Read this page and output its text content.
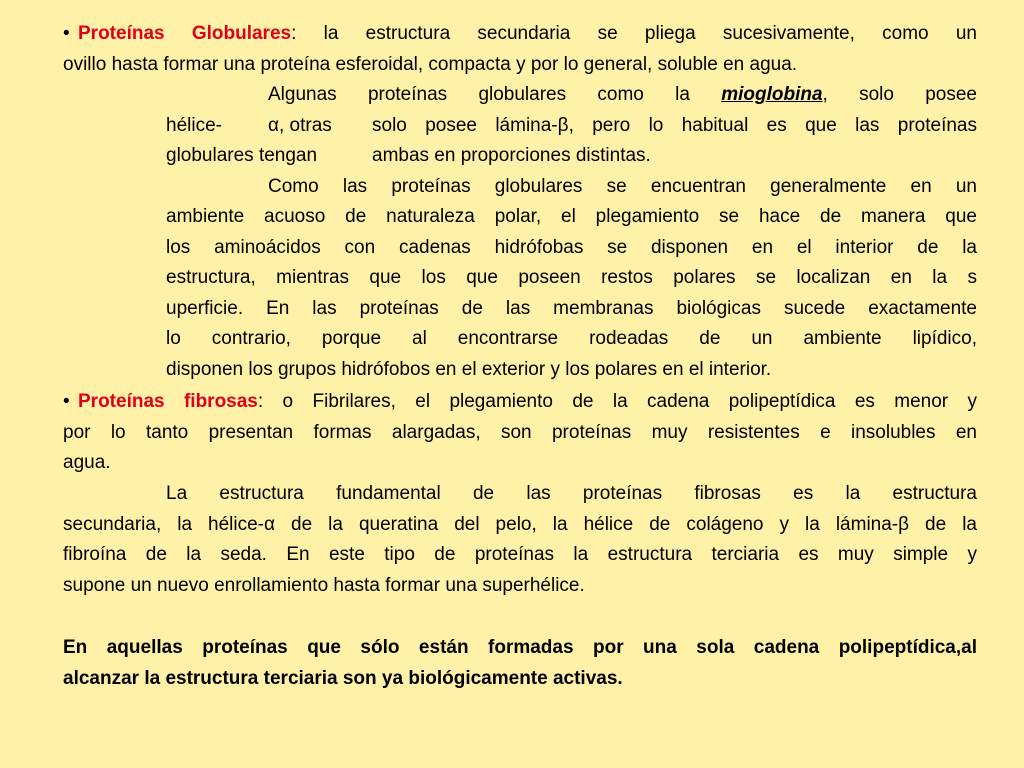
• Proteínas Globulares: la estructura secundaria se pliega sucesivamente, como un
ovillo hasta formar una proteína esferoidal, compacta y por lo general, soluble en agua.
Algunas proteínas globulares como la mioglobina, solo posee
hélice- α, otras solo posee lámina-β, pero lo habitual es que las proteínas
globulares tengan	ambas en proporciones distintas.
Como las proteínas globulares se encuentran generalmente en un
ambiente acuoso de naturaleza polar, el plegamiento se hace de manera que
los aminoácidos con cadenas hidrófobas se disponen en el interior de la
estructura, mientras que los que poseen restos polares se localizan en la s
uperficie. En las proteínas de las membranas biológicas sucede exactamente
lo contrario, porque al encontrarse rodeadas de un ambiente lipídico,
disponen los grupos hidrófobos en el exterior y los polares en el interior.
• Proteínas fibrosas: o Fibrilares, el plegamiento de la cadena polipeptídica es menor y
por lo tanto presentan formas alargadas, son proteínas muy resistentes e insolubles en
agua.
La estructura fundamental de las proteínas fibrosas es la estructura
secundaria, la hélice-α de la queratina del pelo, la hélice de colágeno y la lámina-β de la
fibroína de la seda. En este tipo de proteínas la estructura terciaria es muy simple y
supone un nuevo enrollamiento hasta formar una superhélice.
En aquellas proteínas que sólo están formadas por una sola cadena polipeptídica,al
alcanzar la estructura terciaria son ya biológicamente activas.
